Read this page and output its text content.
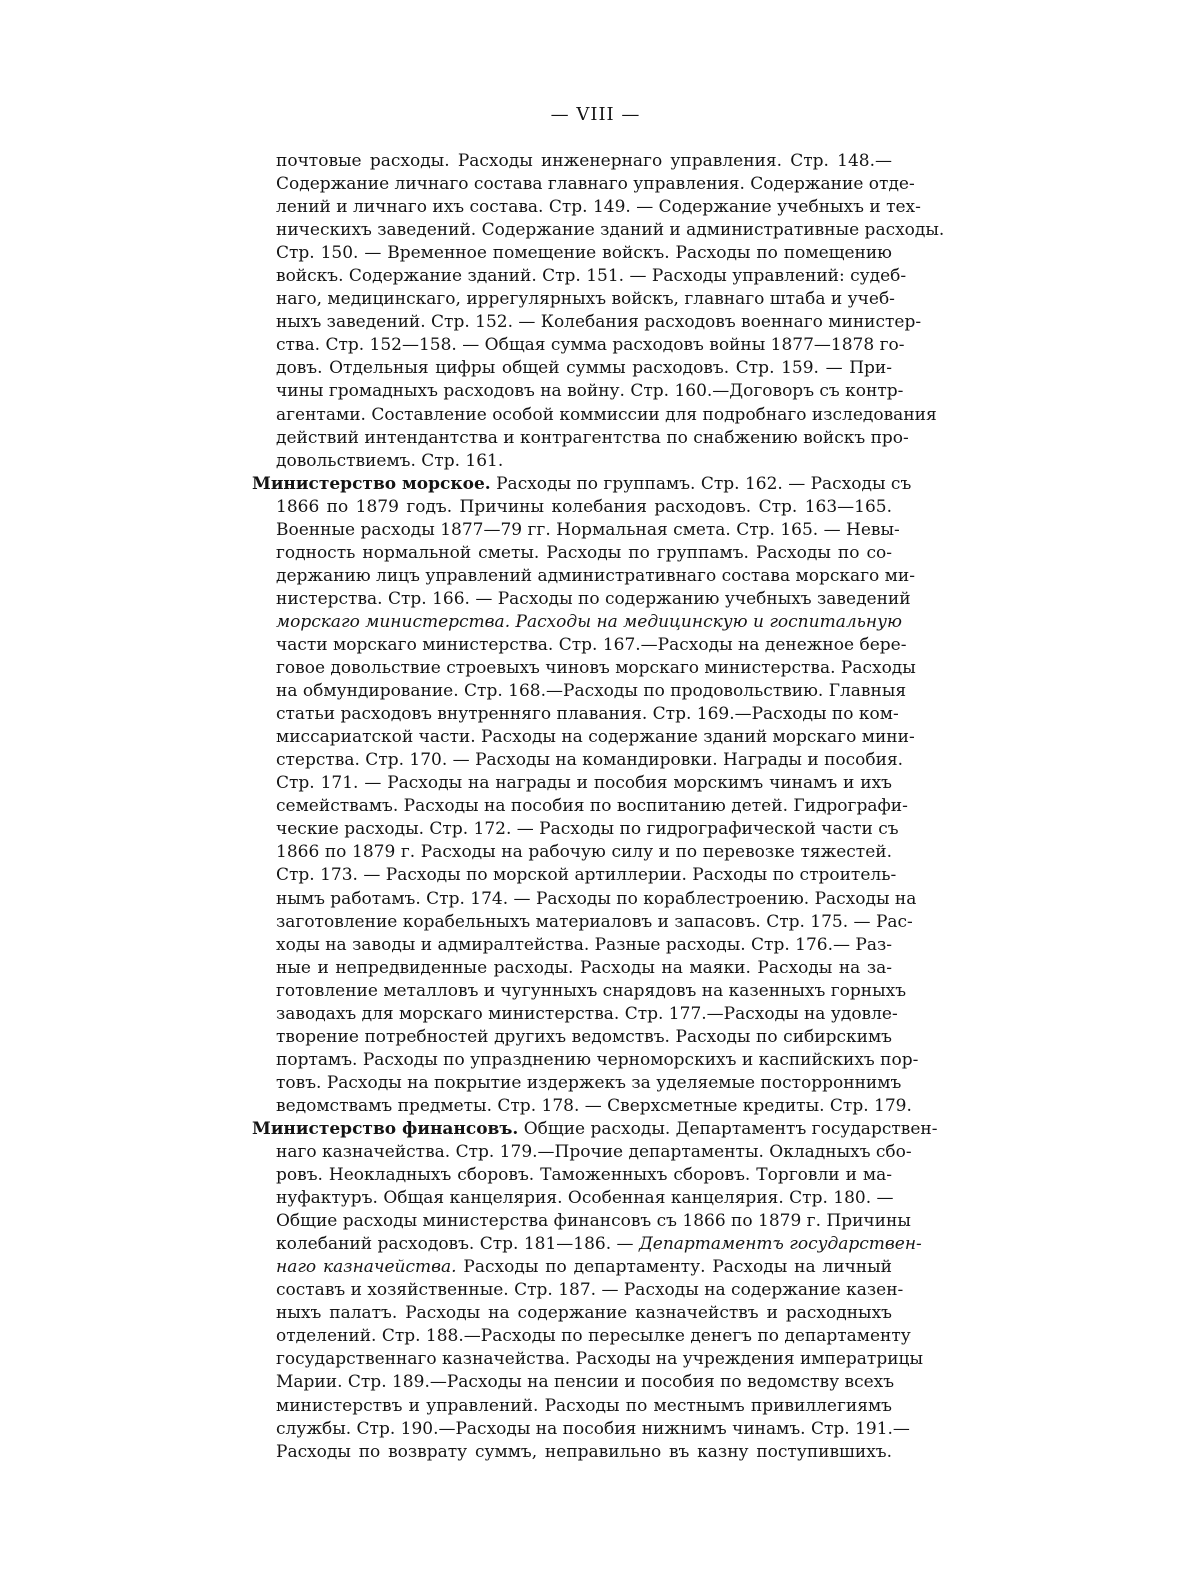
— VIII —
почтовые расходы. Расходы инженернаго управления. Стр. 148.—
Содержание личнаго состава главнаго управления. Содержание отде-
лений и личнаго ихъ состава. Стр. 149. — Содержание учебныхъ и тех-
ническихъ заведений. Содержание зданий и административные расходы.
Стр. 150. — Временное помещение войскъ. Расходы по помещению
войскъ. Содержание зданий. Стр. 151. — Расходы управлений: судеб-
наго, медицинскаго, иррегулярныхъ войскъ, главнаго штаба и учеб-
ныхъ заведений. Стр. 152. — Колебания расходовъ военнаго министер-
ства. Стр. 152—158. — Общая сумма расходовъ войны 1877—1878 го-
довъ. Отдельныя цифры общей суммы расходовъ. Стр. 159. — При-
чины громадныхъ расходовъ на войну. Стр. 160.—Договоръ съ контр-
агентами. Составление особой коммиссии для подробнаго изследования
действий интендантства и контрагентства по снабжению войскъ про-
довольствиемъ. Стр. 161.
Министерство морское. Расходы по группамъ. Стр. 162. — Расходы съ
1866 по 1879 годъ. Причины колебания расходовъ. Стр. 163—165.
Военные расходы 1877—79 гг. Нормальная смета. Стр. 165. — Невы-
годность нормальной сметы. Расходы по группамъ. Расходы по со-
держанию лицъ управлений административнаго состава морскаго ми-
нистерства. Стр. 166. — Расходы по содержанию учебныхъ заведений
морскаго министерства. Расходы на медицинскую и госпитальную
части морскаго министерства. Стр. 167.—Расходы на денежное бере-
говое довольствие строевыхъ чиновъ морскаго министерства. Расходы
на обмундирование. Стр. 168.—Расходы по продовольствию. Главныя
статьи расходовъ внутренняго плавания. Стр. 169.—Расходы по ком-
миссариатской части. Расходы на содержание зданий морскаго мини-
стерства. Стр. 170. — Расходы на командировки. Награды и пособия.
Стр. 171. — Расходы на награды и пособия морскимъ чинамъ и ихъ
семействамъ. Расходы на пособия по воспитанию детей. Гидрографи-
ческие расходы. Стр. 172. — Расходы по гидрографической части съ
1866 по 1879 г. Расходы на рабочую силу и по перевозке тяжестей.
Стр. 173. — Расходы по морской артиллерии. Расходы по строитель-
нымъ работамъ. Стр. 174. — Расходы по кораблестроению. Расходы на
заготовление корабельныхъ материаловъ и запасовъ. Стр. 175. — Рас-
ходы на заводы и адмиралтейства. Разные расходы. Стр. 176.— Раз-
ные и непредвиденные расходы. Расходы на маяки. Расходы на за-
готовление металловъ и чугунныхъ снарядовъ на казенныхъ горныхъ
заводахъ для морскаго министерства. Стр. 177.—Расходы на удовле-
творение потребностей другихъ ведомствъ. Расходы по сибирскимъ
портамъ. Расходы по упразднению черноморскихъ и каспийскихъ пор-
товъ. Расходы на покрытие издержекъ за уделяемые посторроннимъ
ведомствамъ предметы. Стр. 178. — Сверхсметные кредиты. Стр. 179.
Министерство финансовъ. Общие расходы. Департаментъ государствен-
наго казначейства. Стр. 179.—Прочие департаменты. Окладныхъ сбо-
ровъ. Неокладныхъ сборовъ. Таможенныхъ сборовъ. Торговли и ма-
нуфактуръ. Общая канцелярия. Особенная канцелярия. Стр. 180. —
Общие расходы министерства финансовъ съ 1866 по 1879 г. Причины
колебаний расходовъ. Стр. 181—186. — Департаментъ государствен-
наго казначейства. Расходы по департаменту. Расходы на личный
составъ и хозяйственные. Стр. 187. — Расходы на содержание казен-
ныхъ палатъ. Расходы на содержание казначействъ и расходныхъ
отделений. Стр. 188.—Расходы по пересылке денегъ по департаменту
государственнаго казначейства. Расходы на учреждения императрицы
Марии. Стр. 189.—Расходы на пенсии и пособия по ведомству всехъ
министерствъ и управлений. Расходы по местнымъ привиллегиямъ
службы. Стр. 190.—Расходы на пособия нижнимъ чинамъ. Стр. 191.—
Расходы по возврату суммъ, неправильно въ казну поступившихъ.
